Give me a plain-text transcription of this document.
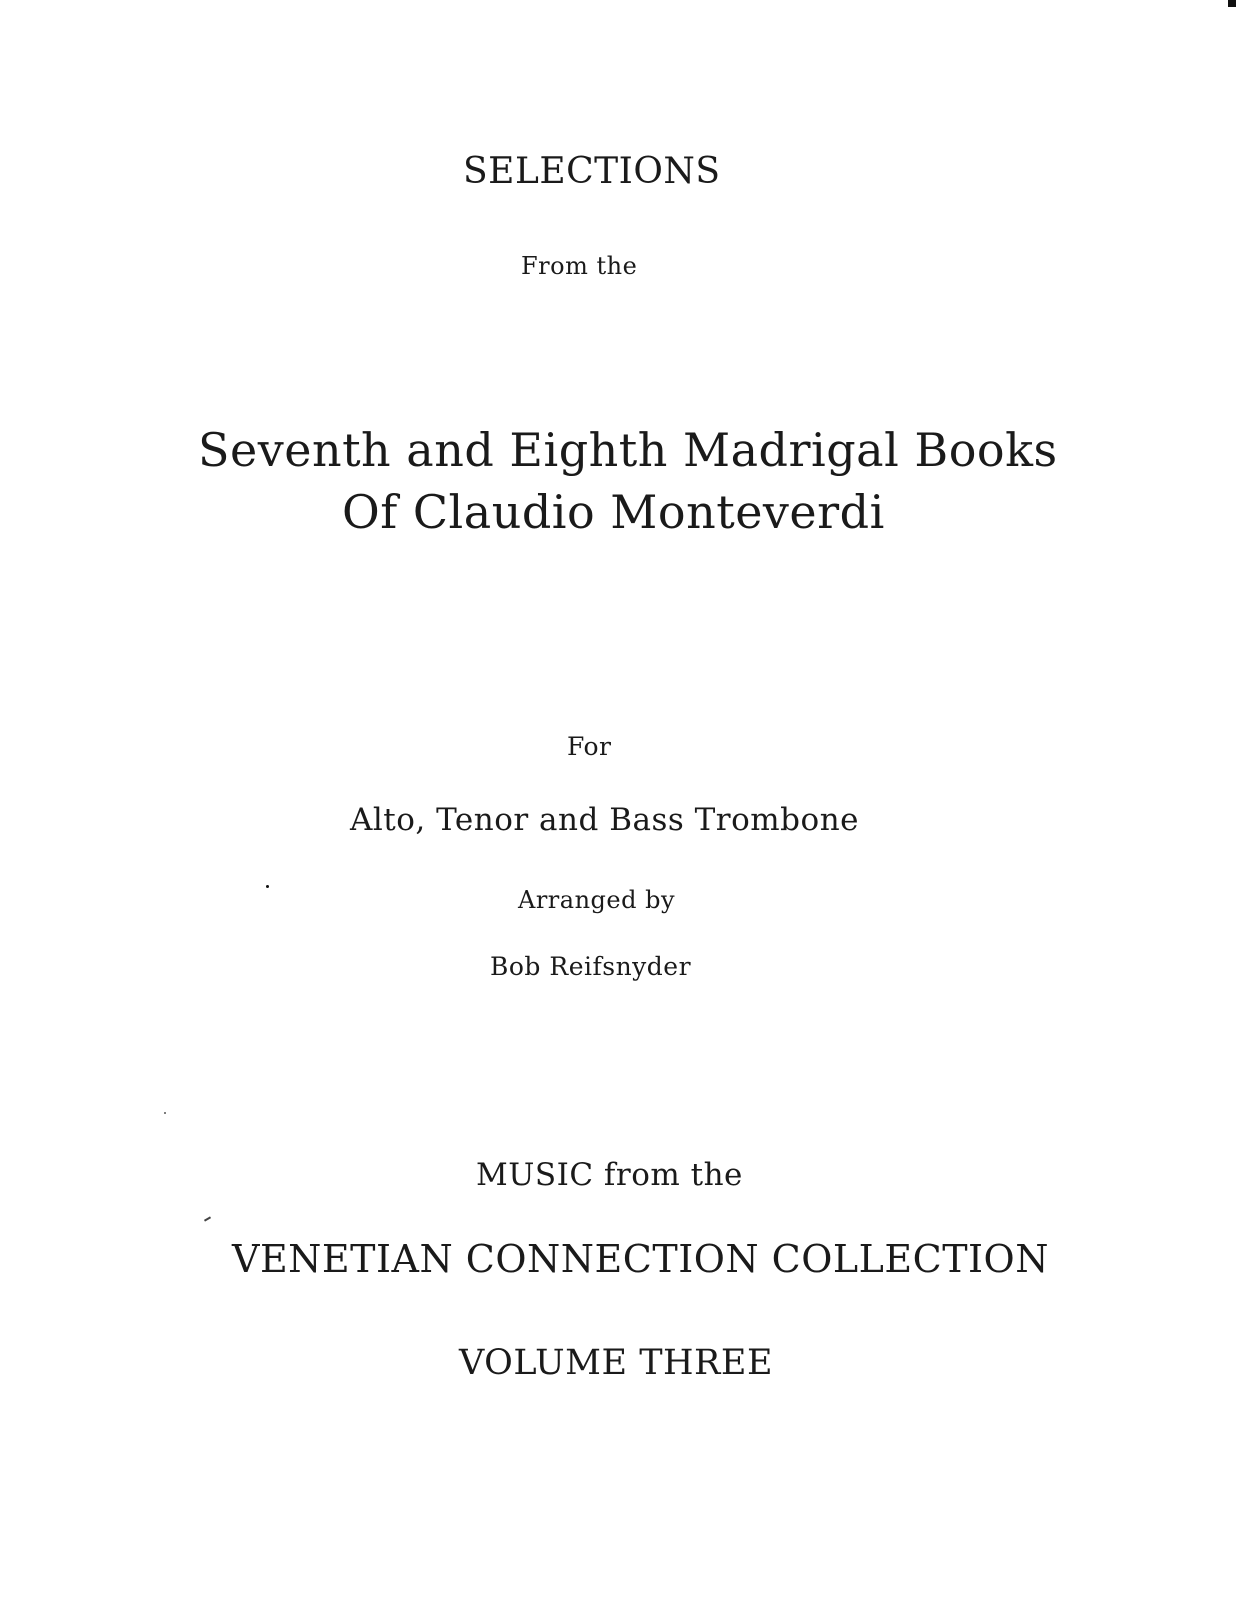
SELECTIONS
From the
Seventh and Eighth Madrigal Books
Of Claudio Monteverdi
For
Alto, Tenor and Bass Trombone
Arranged by
Bob Reifsnyder
MUSIC from the
VENETIAN CONNECTION COLLECTION
VOLUME THREE
